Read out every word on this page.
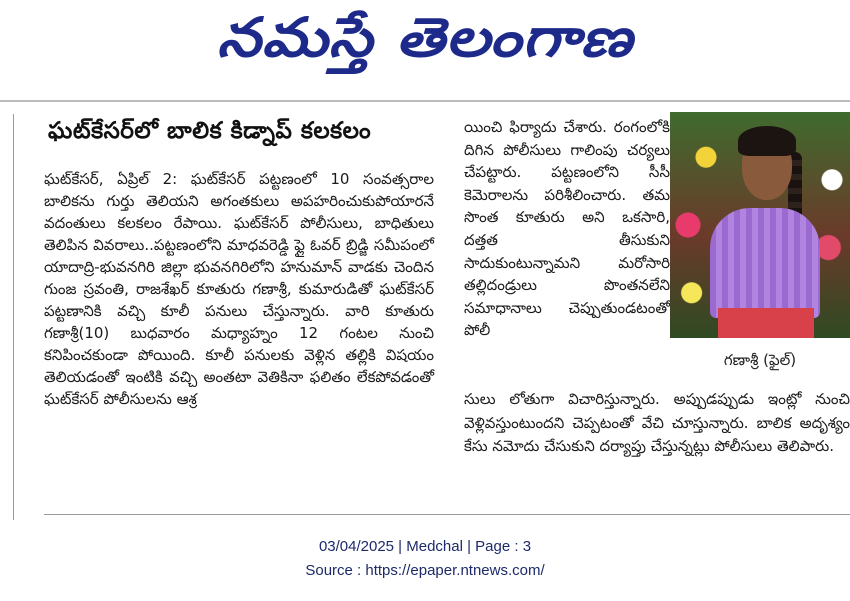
నమస్తే తెలంగాణ
ఘట్‌కేసర్‌లో బాలిక కిడ్నాప్ కలకలం

ఘట్‌కేసర్, ఏప్రిల్ 2: ఘట్‌కేసర్ పట్టణంలో 10 సంవత్సరాల బాలికను గుర్తు తెలియని అగంతకులు అపహరించుకుపోయారనే వదంతులు కలకలం రేపాయి. ఘట్‌కేసర్ పోలీసులు, బాధితులు తెలిపిన వివరాలు..పట్టణంలోని మాధవరెడ్డి ఫ్లై ఓవర్ బ్రిడ్జి సమీపంలో యాదాద్రి-భువనగిరి జిల్లా భువనగిరిలోని హనుమాన్ వాడకు చెందిన గుంజ స్రవంతి, రాజశేఖర్ కూతురు గణాశ్రీ, కుమారుడితో ఘట్‌కేసర్ పట్టణానికి వచ్చి కూలీ పనులు చేస్తున్నారు. వారి కూతురు గణాశ్రీ(10) బుధవారం మధ్యాహ్నం 12 గంటల నుంచి కనిపించకుండా పోయింది. కూలీ పనులకు వెళ్లిన తల్లికి విషయం తెలియడంతో ఇంటికి వచ్చి అంతటా వెతికినా ఫలితం లేకపోవడంతో ఘట్‌కేసర్ పోలీసులను ఆశ్ర

యించి ఫిర్యాదు చేశారు. రంగంలోకి దిగిన పోలీసులు గాలింపు చర్యలు చేపట్టారు. పట్టణంలోని సీసీ కెమెరాలను పరిశీలించారు. తమ సొంత కూతురు అని ఒకసారి, దత్తత తీసుకుని సాదుకుంటున్నామని మరోసారి తల్లిదండ్రులు పొంతనలేని సమాధానాలు చెప్పుతుండటంతో పోలీ

గణాశ్రీ (ఫైల్)

సులు లోతుగా విచారిస్తున్నారు. అప్పుడప్పుడు ఇంట్లో నుంచి వెళ్లివస్తుంటుందని చెప్పటంతో వేచి చూస్తున్నారు. బాలిక అదృశ్యం కేసు నమోదు చేసుకుని దర్యాప్తు చేస్తున్నట్లు పోలీసులు తెలిపారు.

03/04/2025 | Medchal | Page : 3
Source : https://epaper.ntnews.com/
